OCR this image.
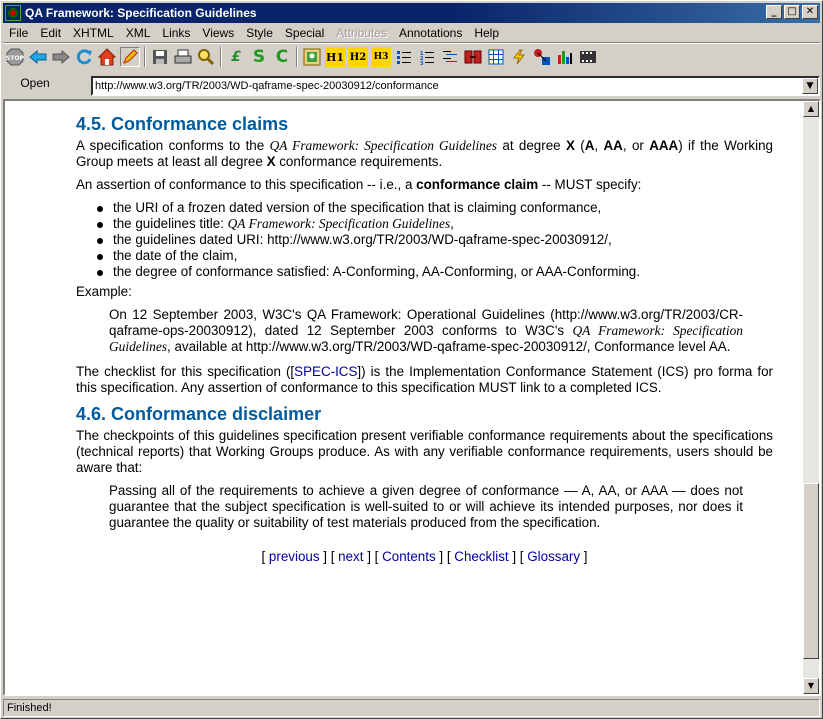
QA Framework: Specification Guidelines	_	□ ✕
File	Edit	XHTML	XML	Links	Views	Style	Special	Attributes	Annotations	Help
STOP	£ S C	H1 H2 H3	1
2
3
Open	http://www.w3.org/TR/2003/WD-qaframe-spec-20030912/conformance	▼
4.5. Conformance claims

A specification conforms to the QA Framework: Specification Guidelines at degree X (A, AA, or AAA) if the Working Group meets at least all degree X conformance requirements.

An assertion of conformance to this specification -- i.e., a conformance claim -- MUST specify:

the URI of a frozen dated version of the specification that is claiming conformance,
the guidelines title: QA Framework: Specification Guidelines,
the guidelines dated URI: http://www.w3.org/TR/2003/WD-qaframe-spec-20030912/,
the date of the claim,
the degree of conformance satisfied: A-Conforming, AA-Conforming, or AAA-Conforming.

Example:

On 12 September 2003, W3C's QA Framework: Operational Guidelines (http://www.w3.org/TR/2003/CR-qaframe-ops-20030912), dated 12 September 2003 conforms to W3C's QA Framework: Specification Guidelines, available at http://www.w3.org/TR/2003/WD-qaframe-spec-20030912/, Conformance level AA.

The checklist for this specification ([SPEC-ICS]) is the Implementation Conformance Statement (ICS) pro forma for this specification. Any assertion of conformance to this specification MUST link to a completed ICS.

4.6. Conformance disclaimer

The checkpoints of this guidelines specification present verifiable conformance requirements about the specifications (technical reports) that Working Groups produce. As with any verifiable conformance requirements, users should be aware that:

Passing all of the requirements to achieve a given degree of conformance — A, AA, or AAA — does not guarantee that the subject specification is well-suited to or will achieve its intended purposes, nor does it guarantee the quality or suitability of test materials produced from the specification.

[ previous ] [ next ] [ Contents ] [ Checklist ] [ Glossary ]
▲
▼
Finished!
